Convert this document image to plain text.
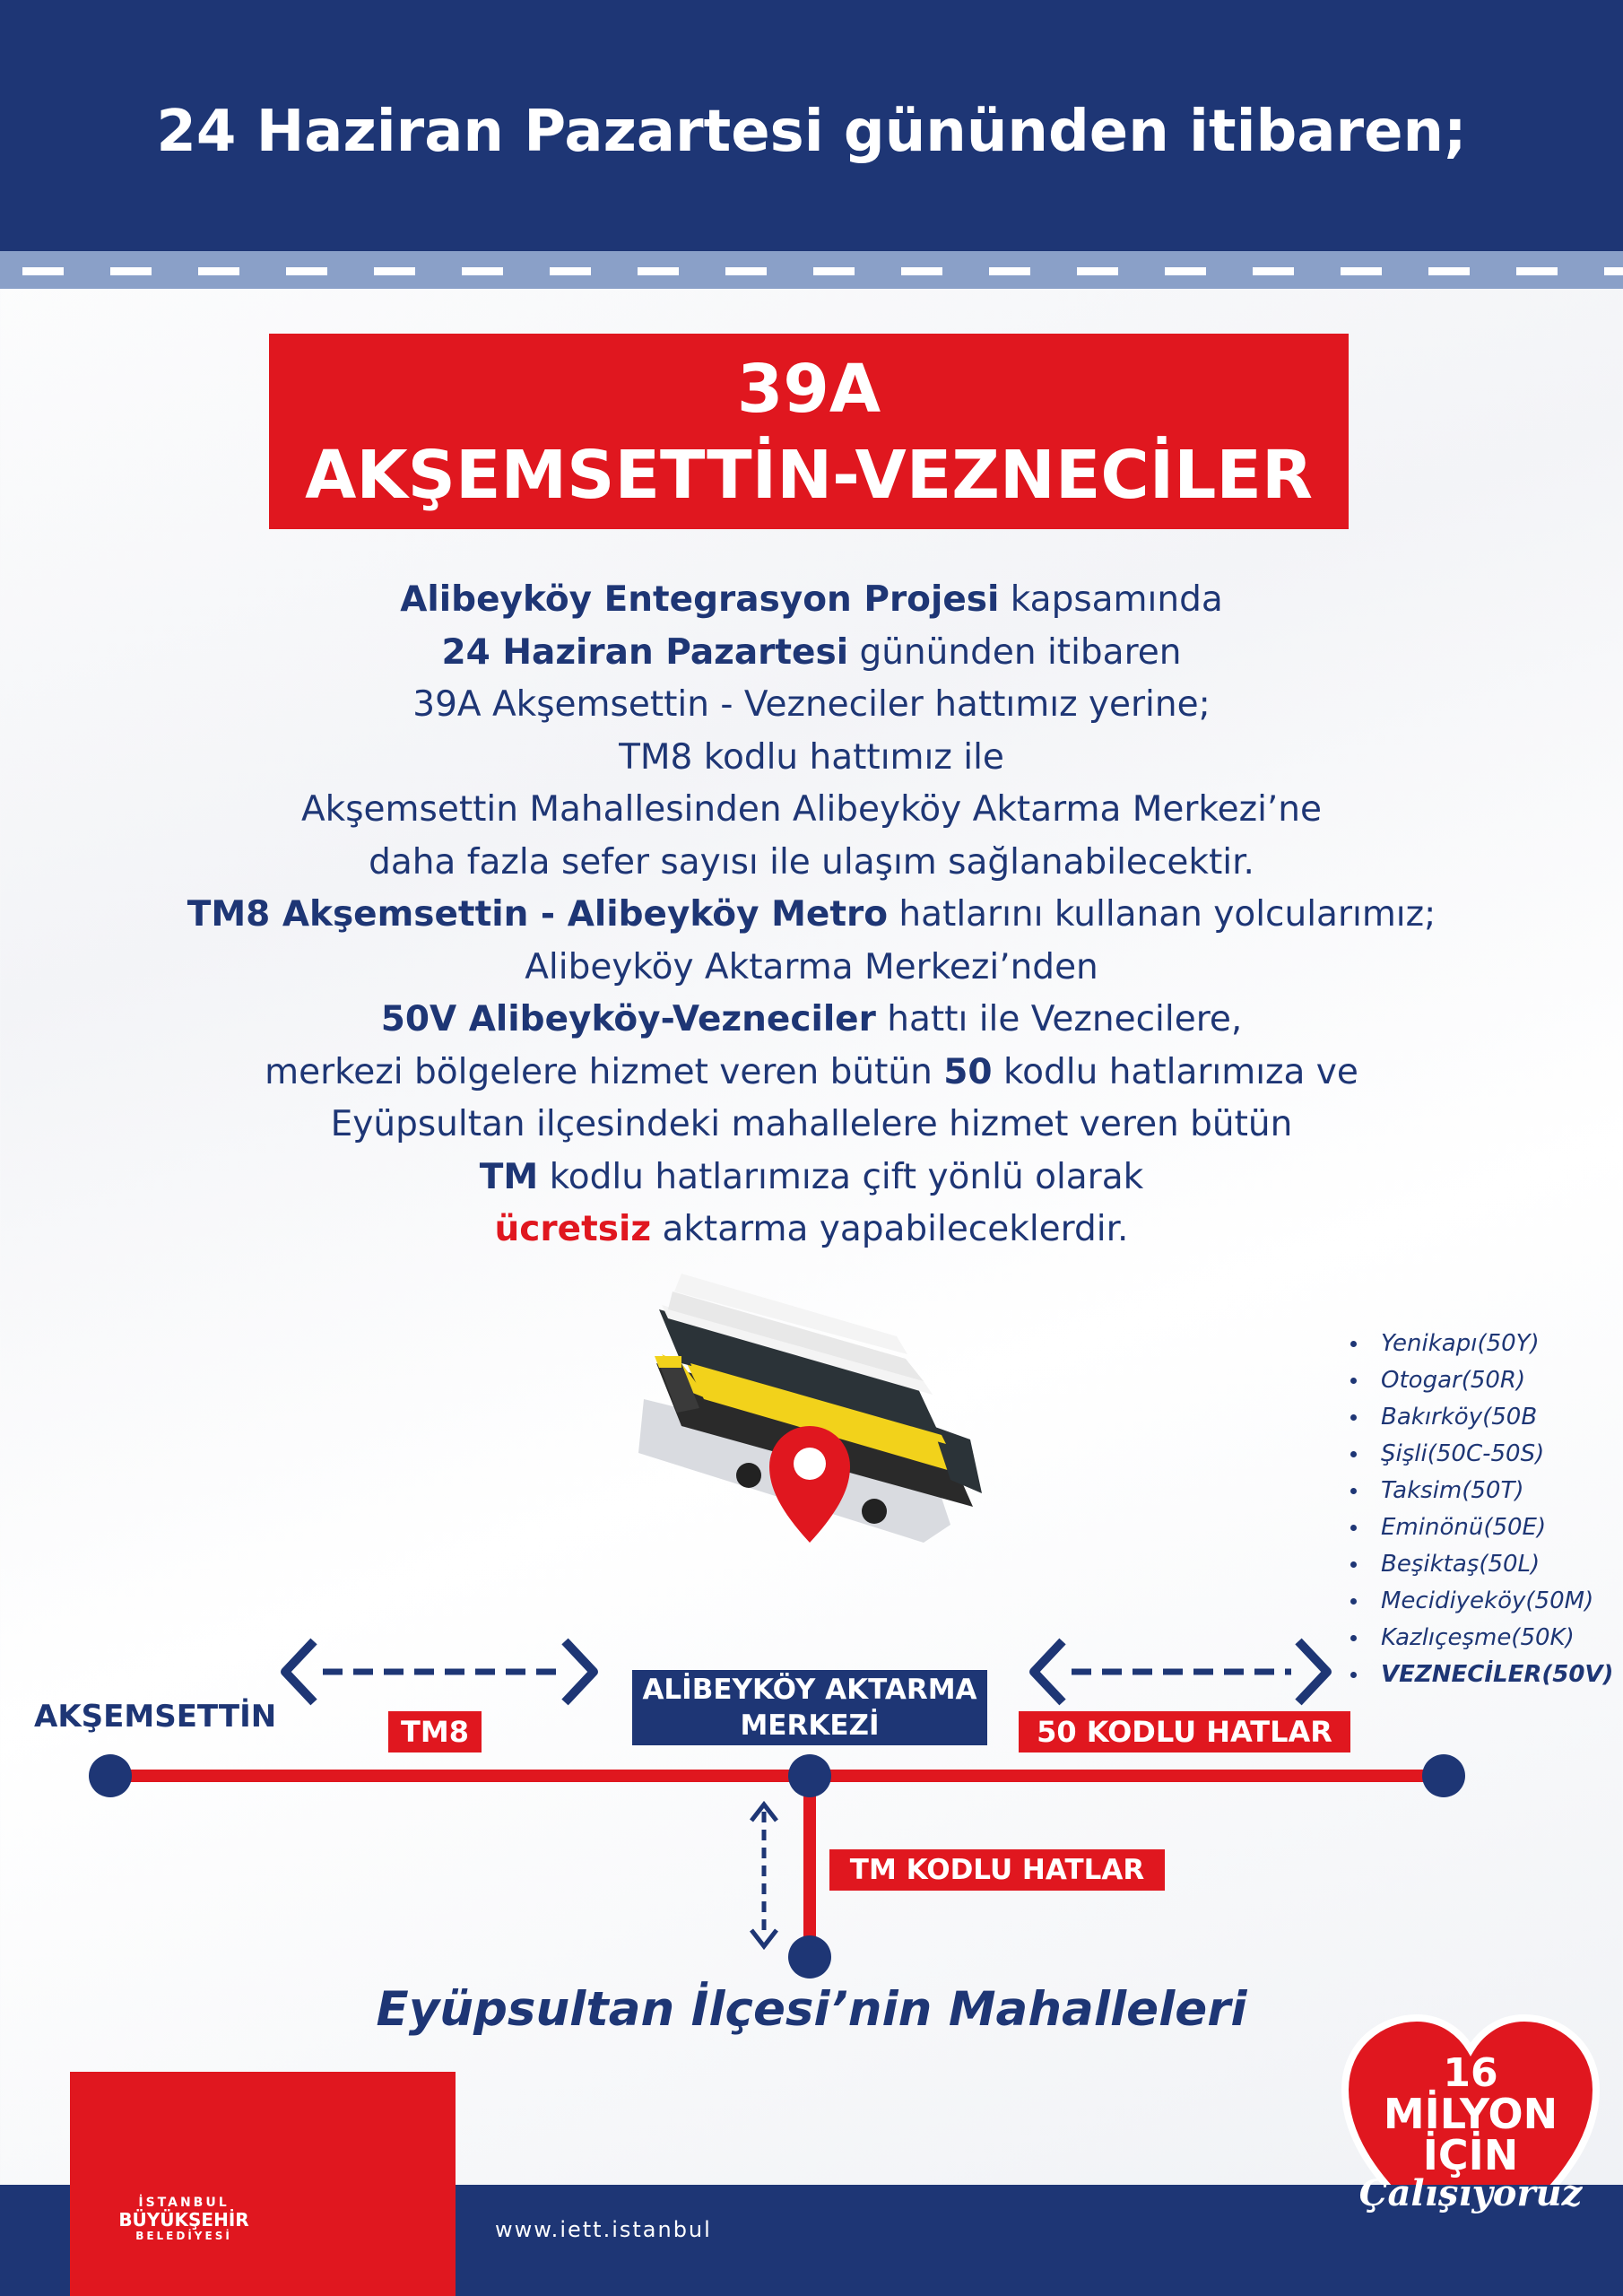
24 Haziran Pazartesi gününden itibaren;
39A
AKŞEMSETTİN-VEZNECİLER
Alibeyköy Entegrasyon Projesi kapsamında
24 Haziran Pazartesi gününden itibaren
39A Akşemsettin - Vezneciler hattımız yerine;
TM8 kodlu hattımız ile
Akşemsettin Mahallesinden Alibeyköy Aktarma Merkezi’ne
daha fazla sefer sayısı ile ulaşım sağlanabilecektir.
TM8 Akşemsettin - Alibeyköy Metro hatlarını kullanan yolcularımız;
Alibeyköy Aktarma Merkezi’nden
50V Alibeyköy-Vezneciler hattı ile Veznecilere,
merkezi bölgelere hizmet veren bütün 50 kodlu hatlarımıza ve
Eyüpsultan ilçesindeki mahallelere hizmet veren bütün
TM kodlu hatlarımıza çift yönlü olarak
ücretsiz aktarma yapabileceklerdir.
Yenikapı(50Y)
Otogar(50R)
Bakırköy(50B
Şişli(50C-50S)
Taksim(50T)
Eminönü(50E)
Beşiktaş(50L)
Mecidiyeköy(50M)
Kazlıçeşme(50K)
VEZNECİLER(50V)
AKŞEMSETTİN	TM8
ALİBEYKÖY AKTARMA
MERKEZİ	50 KODLU HATLAR
TM KODLU HATLAR
Eyüpsultan İlçesi’nin Mahalleleri
İSTANBUL
BÜYÜKŞEHİR
BELEDİYESİ	www.iett.istanbul
16
MİLYON
İÇİN
Çalışıyoruz
